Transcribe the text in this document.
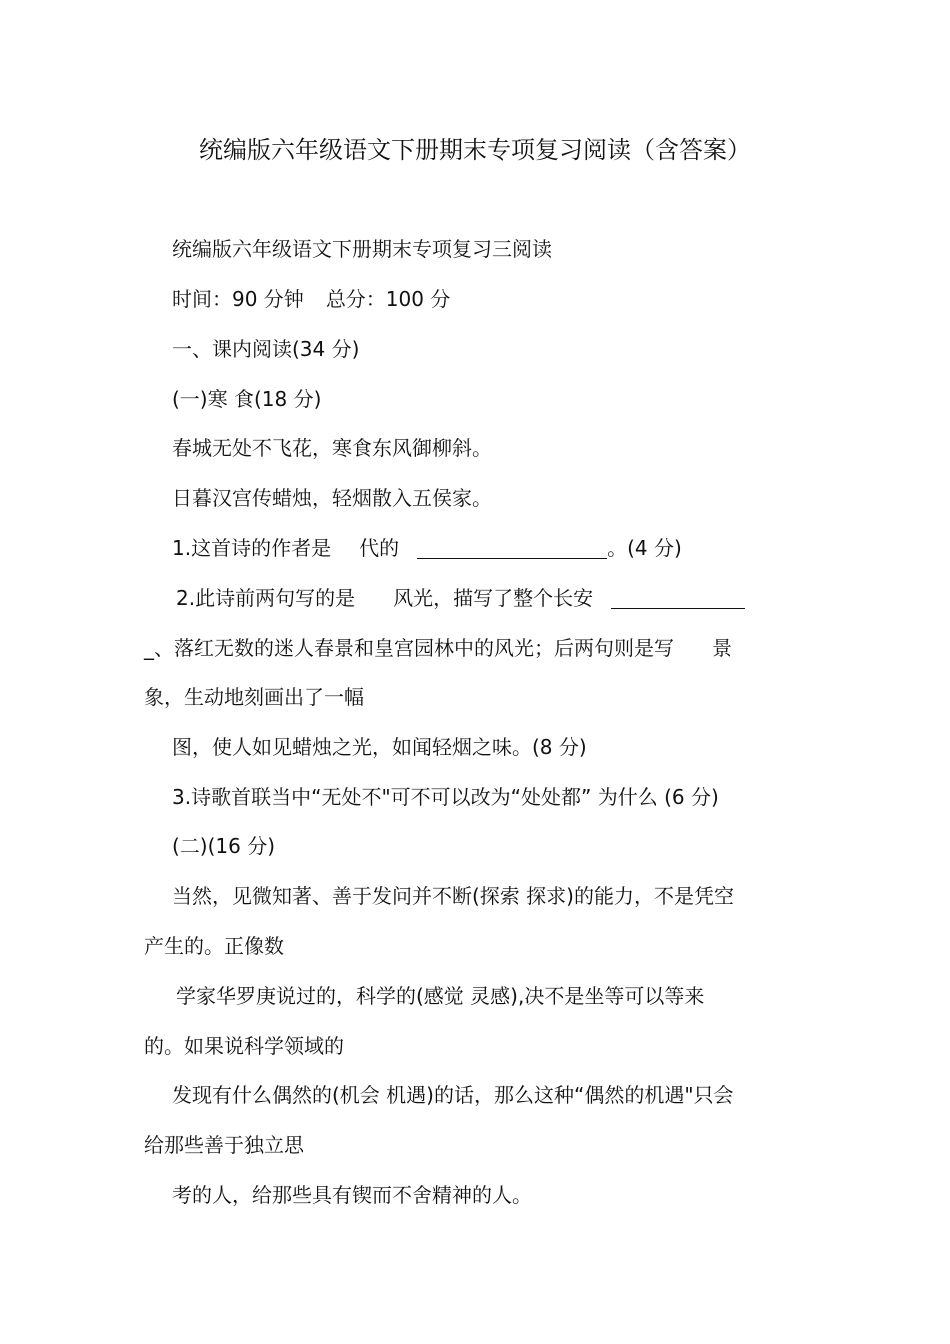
统编版六年级语文下册期末专项复习阅读（含答案）
统编版六年级语文下册期末专项复习三阅读
时间：90 分钟 总分：100 分
一、课内阅读(34 分)
(一)寒 食(18 分)
春城无处不飞花，寒食东风御柳斜。
日暮汉宫传蜡烛，轻烟散入五侯家。
1.这首诗的作者是 代的	。(4 分)
2.此诗前两句写的是 风光，描写了整个长安
_、落红无数的迷人春景和皇宫园林中的风光；后两句则是写 景
象，生动地刻画出了一幅
图，使人如见蜡烛之光，如闻轻烟之味。(8 分)
3.诗歌首联当中“无处不"可不可以改为“处处都” 为什么 (6 分)
(二)(16 分)
当然，见微知著、善于发问并不断(探索 探求)的能力，不是凭空
产生的。正像数
学家华罗庚说过的，科学的(感觉 灵感),决不是坐等可以等来
的。如果说科学领域的
发现有什么偶然的(机会 机遇)的话，那么这种“偶然的机遇"只会
给那些善于独立思
考的人，给那些具有锲而不舍精神的人。
